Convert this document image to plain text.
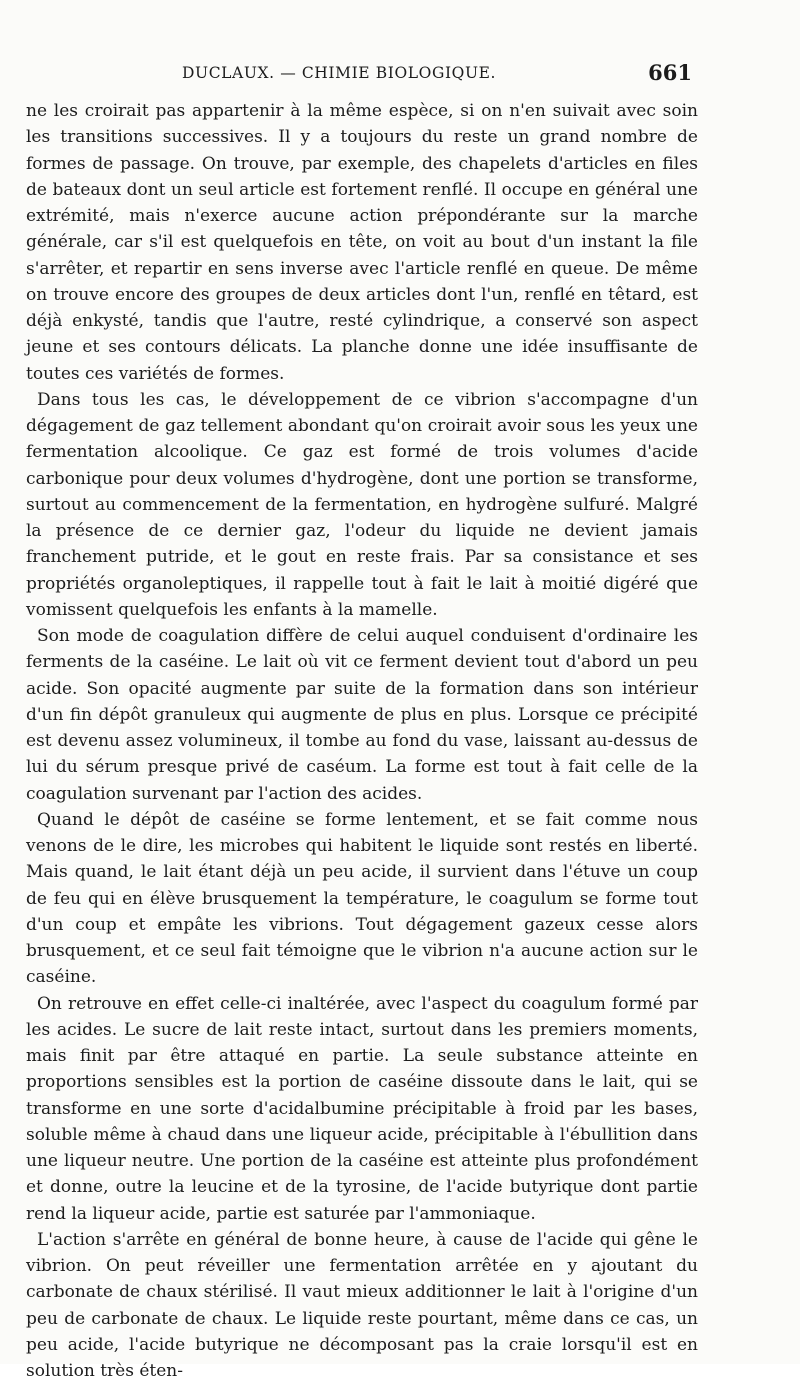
DUCLAUX. — CHIMIE BIOLOGIQUE.	661

ne les croirait pas appartenir à la même espèce, si on n'en suivait avec soin les transitions successives. Il y a toujours du reste un grand nombre de formes de passage. On trouve, par exemple, des chapelets d'articles en files de bateaux dont un seul article est fortement renflé. Il occupe en général une extrémité, mais n'exerce aucune action prépondérante sur la marche générale, car s'il est quelquefois en tête, on voit au bout d'un instant la file s'arrêter, et repartir en sens inverse avec l'article renflé en queue. De même on trouve encore des groupes de deux articles dont l'un, renflé en têtard, est déjà enkysté, tandis que l'autre, resté cylindrique, a conservé son aspect jeune et ses contours délicats. La planche donne une idée insuffisante de toutes ces variétés de formes.

Dans tous les cas, le développement de ce vibrion s'accompagne d'un dégagement de gaz tellement abondant qu'on croirait avoir sous les yeux une fermentation alcoolique. Ce gaz est formé de trois volumes d'acide carbonique pour deux volumes d'hydrogène, dont une portion se transforme, surtout au commencement de la fermentation, en hydrogène sulfuré. Malgré la présence de ce dernier gaz, l'odeur du liquide ne devient jamais franchement putride, et le gout en reste frais. Par sa consistance et ses propriétés organoleptiques, il rappelle tout à fait le lait à moitié digéré que vomissent quelquefois les enfants à la mamelle.

Son mode de coagulation diffère de celui auquel conduisent d'ordinaire les ferments de la caséine. Le lait où vit ce ferment devient tout d'abord un peu acide. Son opacité augmente par suite de la formation dans son intérieur d'un fin dépôt granuleux qui augmente de plus en plus. Lorsque ce précipité est devenu assez volumineux, il tombe au fond du vase, laissant au-dessus de lui du sérum presque privé de caséum. La forme est tout à fait celle de la coagulation survenant par l'action des acides.

Quand le dépôt de caséine se forme lentement, et se fait comme nous venons de le dire, les microbes qui habitent le liquide sont restés en liberté. Mais quand, le lait étant déjà un peu acide, il survient dans l'étuve un coup de feu qui en élève brusquement la température, le coagulum se forme tout d'un coup et empâte les vibrions. Tout dégagement gazeux cesse alors brusquement, et ce seul fait témoigne que le vibrion n'a aucune action sur le caséine.

On retrouve en effet celle-ci inaltérée, avec l'aspect du coagulum formé par les acides. Le sucre de lait reste intact, surtout dans les premiers moments, mais finit par être attaqué en partie. La seule substance atteinte en proportions sensibles est la portion de caséine dissoute dans le lait, qui se transforme en une sorte d'acidalbumine précipitable à froid par les bases, soluble même à chaud dans une liqueur acide, précipitable à l'ébullition dans une liqueur neutre. Une portion de la caséine est atteinte plus profondément et donne, outre la leucine et de la tyrosine, de l'acide butyrique dont partie rend la liqueur acide, partie est saturée par l'ammoniaque.

L'action s'arrête en général de bonne heure, à cause de l'acide qui gêne le vibrion. On peut réveiller une fermentation arrêtée en y ajoutant du carbonate de chaux stérilisé. Il vaut mieux additionner le lait à l'origine d'un peu de carbonate de chaux. Le liquide reste pourtant, même dans ce cas, un peu acide, l'acide butyrique ne décomposant pas la craie lorsqu'il est en solution très éten-
